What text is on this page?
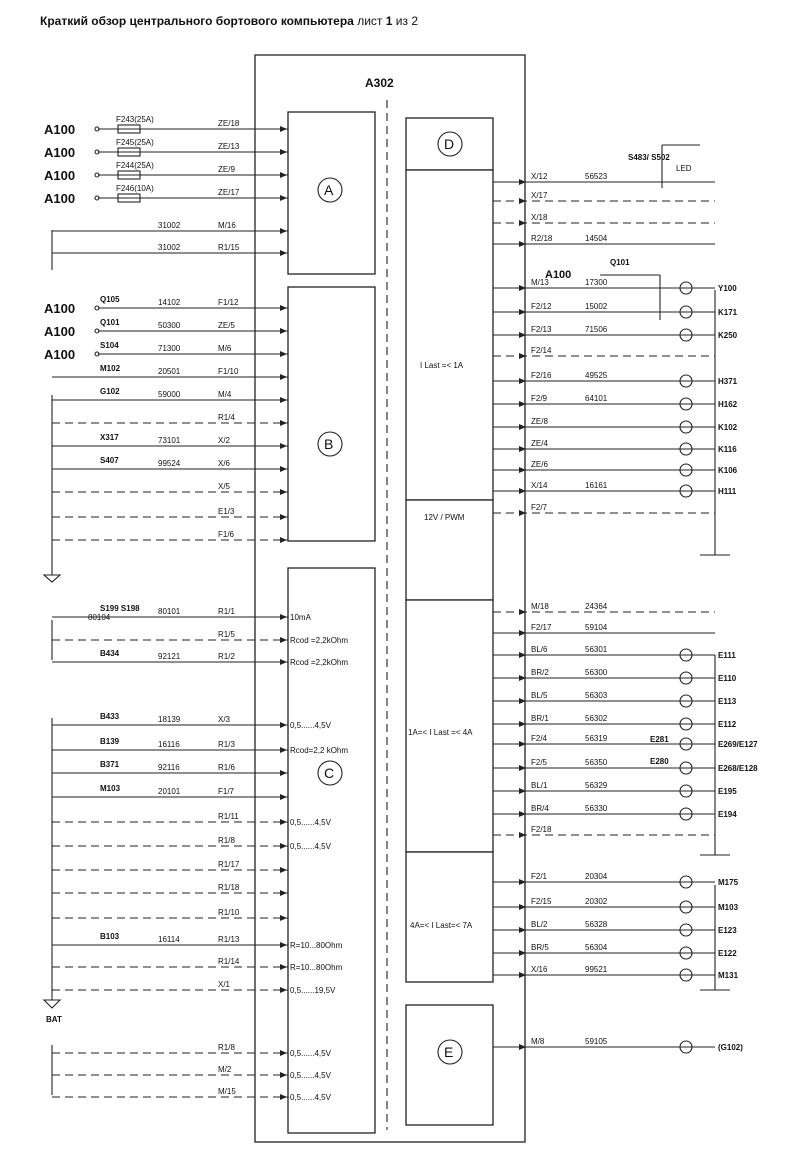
Краткий обзор центрального бортового компьютера лист 1 из 2
A302
A
B
C
D
I Last =< 1A
12V / PWM
1A=< I Last =< 4A
4A=< I Last=< 7A
E
BAT
S483/ S502
LED
A100
Q101
E281
E280
ZE/18
A100
F243(25A)
ZE/13
A100
F245(25A)
ZE/9
A100
F244(25A)
ZE/17
A100
F246(10A)
M/16
31002
R1/15
31002
F1/12
14102
A100
Q105
ZE/5
50300
A100
Q101
M/6
71300
A100
S104
F1/10
20501
M102
M/4
59000
G102
R1/4
X/2
73101
X317
X/6
99524
S407
X/5
E1/3
F1/6
R1/1
80101
S199 S198
80104	10mA
R1/5
Rcod =2,2kOhm
R1/2
92121
B434
Rcod =2,2kOhm
X/3
18139
B433
0,5......4,5V
R1/3
16116
B139
Rcod=2,2 kOhm
R1/6
92116
B371
F1/7
20101
M103
R1/11
0,5......4,5V
R1/8
0,5......4,5V
R1/17
R1/18
R1/10
R1/13
16114
B103
R=10...80Ohm
R1/14
R=10...80Ohm
X/1
0,5......19,5V
R1/8
0,5......4,5V
M/2
0,5......4,5V
M/15
0,5......4,5V
X/12	56523
X/17
X/18
R2/18	14504
M/13	17300
Y100
F2/12	15002
K171
F2/13	71506
K250
F2/14
F2/16	49525
H371
F2/9	64101
H162
ZE/8
K102
ZE/4
K116
ZE/6
K106
X/14	16161
H111
F2/7
M/18	24364
F2/17	59104
BL/6	56301
E111
BR/2	56300
E110
BL/5	56303
E113
BR/1	56302
E112
F2/4	56319
E269/E127
F2/5	56350
E268/E128
BL/1	56329
E195
BR/4	56330
E194
F2/18
F2/1	20304
M175
F2/15	20302
M103
BL/2	56328
E123
BR/5	56304
E122
X/16	99521
M131
M/8	59105
(G102)
